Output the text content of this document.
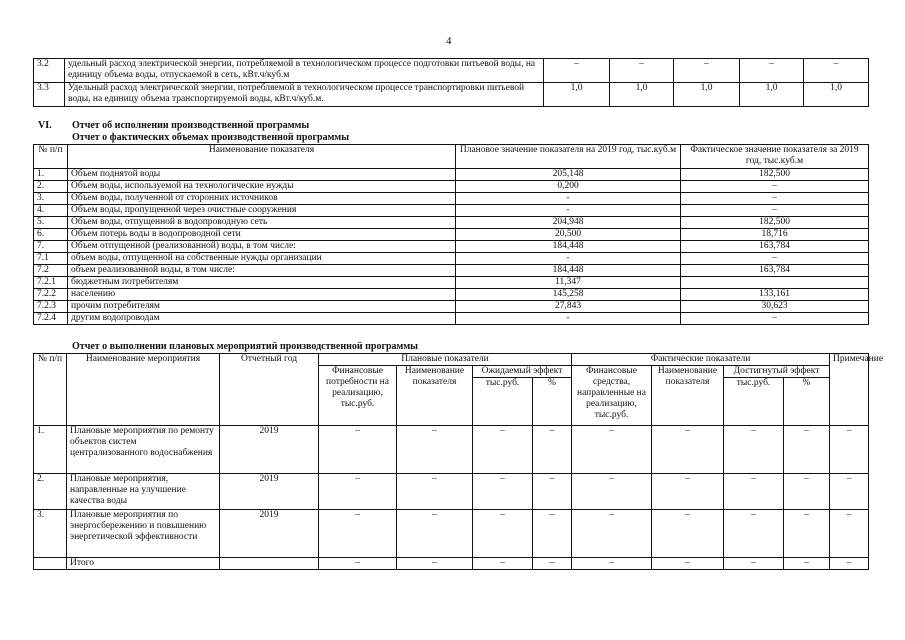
4
3.2	удельный расход электрической энергии, потребляемой в технологическом процессе подготовки питьевой воды, на единицу объема воды, отпускаемой в сеть, кВт.ч/куб.м	–	–	–	–	–
3.3	Удельный расход электрической энергии, потребляемой в технологическом процессе транспортировки питьевой воды, на единицу объема транспортируемой воды, кВт.ч/куб.м.	1,0	1,0	1,0	1,0	1,0
VI. Отчет об исполнении производственной программы
Отчет о фактических объемах производственной программы
№ п/п	Наименование показателя	Плановое значение показателя на 2019 год, тыс.куб.м	Фактическое значение показателя за 2019 год, тыс.куб.м
1.	Объем поднятой воды	205,148	182,500
2.	Объем воды, используемой на технологические нужды	0,200	–
3.	Объем воды, полученной от сторонних источников	-	–
4.	Объем воды, пропущенной через очистные сооружения	-	–
5.	Объем воды, отпущенной в водопроводную сеть	204,948	182,500
6.	Объем потерь воды в водопроводной сети	20,500	18,716
7.	Объем отпущенной (реализованной) воды, в том числе:	184,448	163,784
7.1	объем воды, отпущенной на собственные нужды организации	-	–
7.2	объем реализованной воды, в том числе:	184,448	163,784
7.2.1	бюджетным потребителям	11,347	
7.2.2	населению	145,258	133,161
7.2.3	прочим потребителям	27,843	30,623
7.2.4	другим водопроводам	-	–
Отчет о выполнении плановых мероприятий производственной программы
№ п/п	Наименование мероприятия	Отчетный год	Плановые показатели				Фактические показатели				Примечание
			Финансовые потребности на реализацию, тыс.руб.	Наименование показателя	Ожидаемый эффект		Финансовые средства, направленные на реализацию, тыс.руб.	Наименование показателя	Достигнутый эффект		
					тыс.руб.	%			тыс.руб.	%	
1.	Плановые мероприятия по ремонту объектов систем централизованного водоснабжения	2019	–	–	–	–	–	–	–	–	–
2.	Плановые мероприятия, направленные на улучшение качества воды	2019	–	–	–	–	–	–	–	–	–
3.	Плановые мероприятия по энергосбережению и повышению энергетической эффективности	2019	–	–	–	–	–	–	–	–	–
	Итого		–	–	–	–	–	–	–	–	–
